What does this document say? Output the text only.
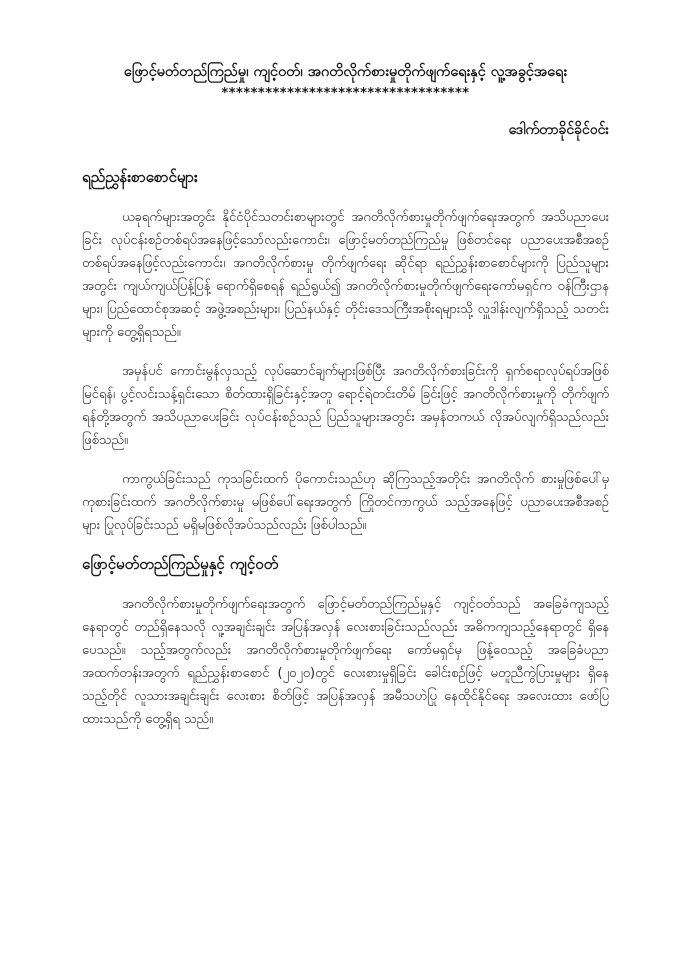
ဖြောင့်မတ်တည်ကြည်မှု၊ ကျင့်ဝတ်၊ အဂတိလိုက်စားမှုတိုက်ဖျက်ရေးနှင့် လူ့အခွင့်အရေး

**********************************

ဒေါက်တာခိုင်ခိုင်ဝင်း

ရည်ညွှန်းစာစောင်များ

ယခုရက်များအတွင်း နိုင်ငံပိုင်သတင်းစာများတွင် အဂတိလိုက်စားမှုတိုက်ဖျက်ရေးအတွက် အသိပညာပေးခြင်း လုပ်ငန်းစဉ်တစ်ရပ်အနေဖြင့်သော်လည်းကောင်း၊ ဖြောင့်မတ်တည်ကြည်မှု ဖြစ်တင်ရေး ပညာပေးအစီအစဉ်တစ်ရပ်အနေဖြင့်လည်းကောင်း၊ အဂတိလိုက်စားမှု တိုက်ဖျက်ရေး ဆိုင်ရာ ရည်ညွှန်းစာစောင်များကို ပြည်သူများအတွင်း ကျယ်ကျယ်ပြန့်ပြန့် ရောက်ရှိစေရန် ရည်ရွယ်၍ အဂတိလိုက်စားမှုတိုက်ဖျက်ရေးကော်မရှင်က ဝန်ကြီးဌာနများ၊ ပြည်ထောင်စုအဆင့် အဖွဲ့အစည်းများ၊ ပြည်နယ်နှင့် တိုင်းဒေသကြီးအစိုးရများသို့ လှူဒါန်းလျက်ရှိသည့် သတင်းများကို တွေ့ရှိရသည်။

အမှန်ပင် ကောင်းမွန်လှသည့် လုပ်ဆောင်ချက်များဖြစ်ပြီး အဂတိလိုက်စားခြင်းကို ရှက်စရာလုပ်ရပ်အဖြစ်မြင်ရန်၊ ပွင့်လင်းသန့်ရှင်းသော စိတ်ထားရှိခြင်းနှင့်အတူ ရောင့်ရဲတင်းတိမ် ခြင်းဖြင့် အဂတိလိုက်စားမှုကို တိုက်ဖျက်ရန်တို့အတွက် အသိပညာပေးခြင်း လုပ်ငန်းစဉ်သည် ပြည်သူများအတွင်း အမှန်တကယ် လိုအပ်လျက်ရှိသည်လည်း ဖြစ်သည်။

ကာကွယ်ခြင်းသည် ကုသခြင်းထက် ပိုကောင်းသည်ဟု ဆိုကြသည့်အတိုင်း အဂတိလိုက် စားမှုဖြစ်ပေါ်မှ ကုစားခြင်းထက် အဂတိလိုက်စားမှု မဖြစ်ပေါ်ရေးအတွက် ကြိုတင်ကာကွယ် သည့်အနေဖြင့် ပညာပေးအစီအစဉ်များ ပြုလုပ်ခြင်းသည် မရှိမဖြစ်လိုအပ်သည်လည်း ဖြစ်ပါသည်။

ဖြောင့်မတ်တည်ကြည်မှုနှင့် ကျင့်ဝတ်

အဂတိလိုက်စားမှုတိုက်ဖျက်ရေးအတွက် ဖြောင့်မတ်တည်ကြည်မှုနှင့် ကျင့်ဝတ်သည် အခြေခံကျသည့်နေရာတွင် တည်ရှိနေသလို လူ့အချင်းချင်း အပြန်အလှန် လေးစားခြင်းသည်လည်း အဓိကကျသည့်နေရာတွင် ရှိနေပေသည်။ သည့်အတွက်လည်း အဂတိလိုက်စားမှုတိုက်ဖျက်ရေး ကော်မရှင်မှ ဖြန့်ဝေသည့် အခြေခံပညာအထက်တန်းအတွက် ရည်ညွှန်းစာစောင် (၂၀၂၀)တွင် လေးစားမှုရှိခြင်း ခေါင်းစဉ်ဖြင့် မတူညီကွဲပြားမှုများ ရှိနေသည့်တိုင် လူသားအချင်းချင်း လေးစား စိတ်ဖြင့် အပြန်အလှန် အမီသဟဲပြု နေထိုင်နိုင်ရေး အလေးထား ဖော်ပြထားသည်ကို တွေ့ရှိရ သည်။
